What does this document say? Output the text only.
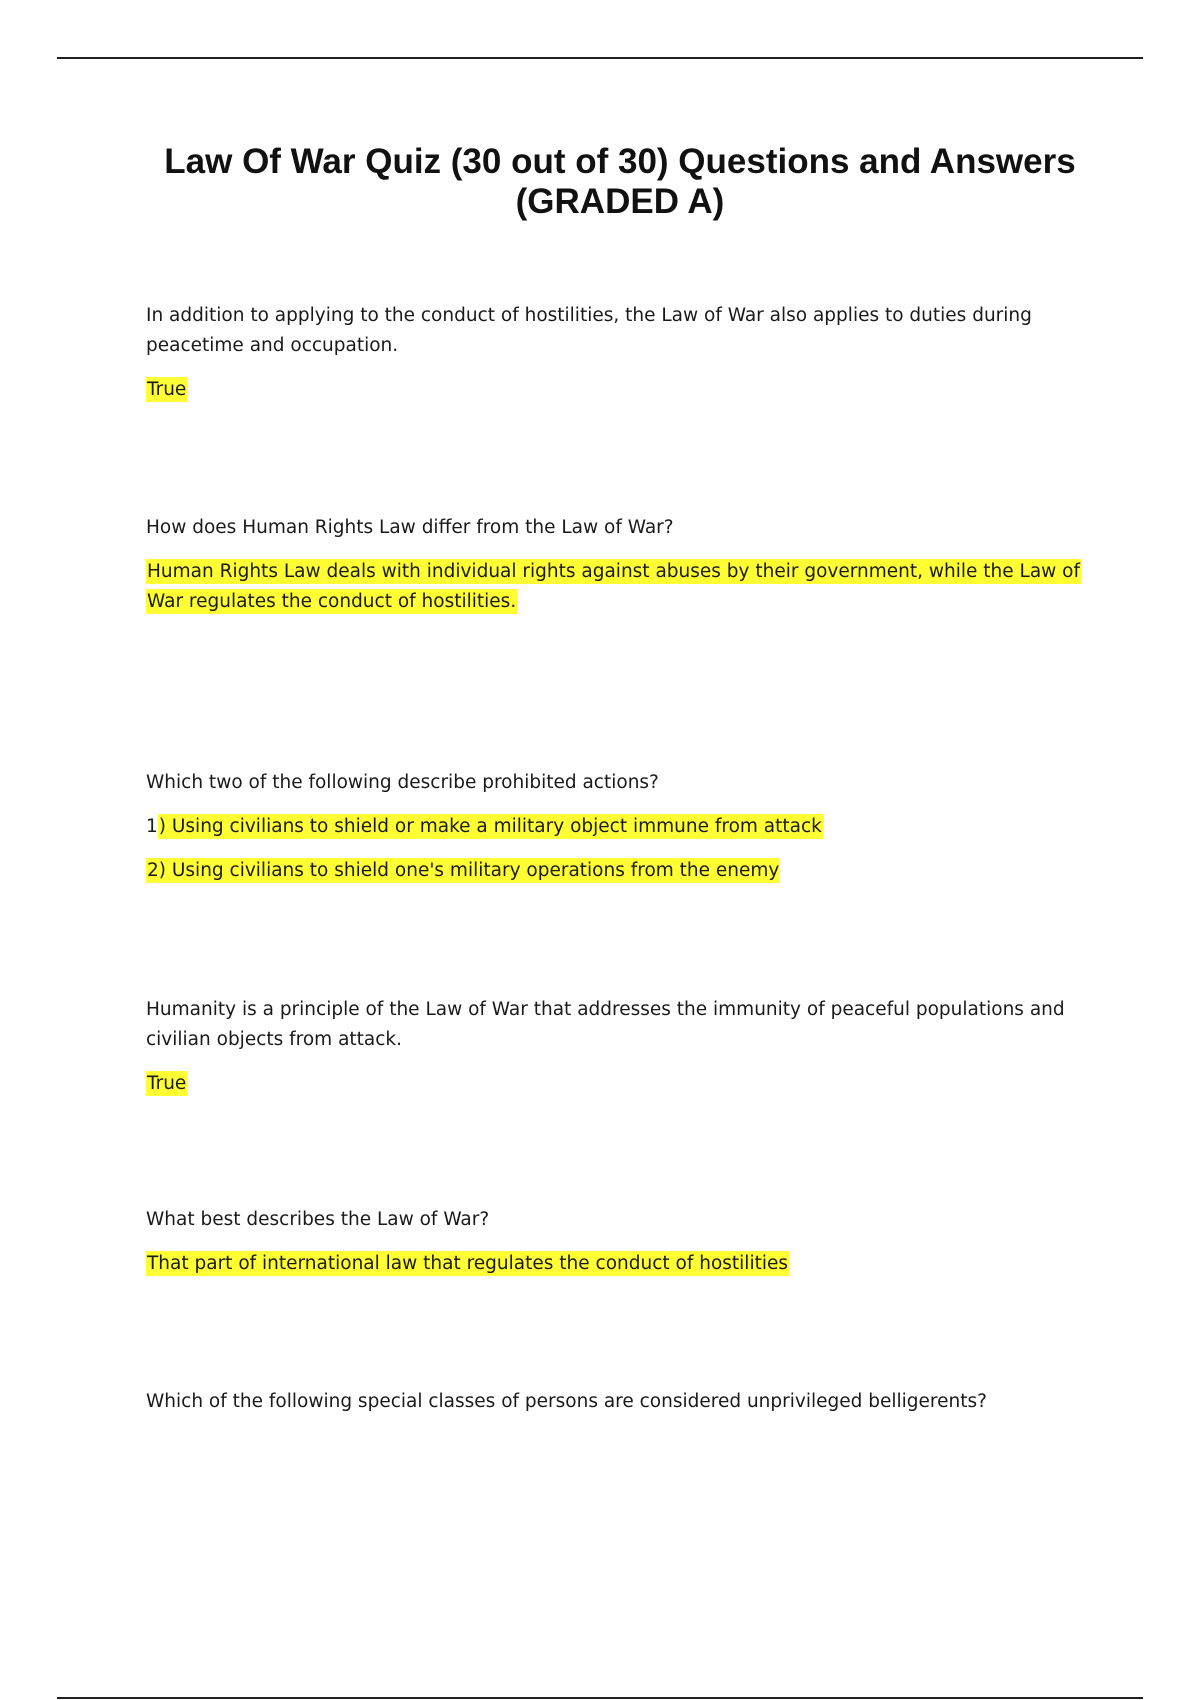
Law Of War Quiz (30 out of 30) Questions and Answers (GRADED A)

In addition to applying to the conduct of hostilities, the Law of War also applies to duties during peacetime and occupation.

True

How does Human Rights Law differ from the Law of War?

Human Rights Law deals with individual rights against abuses by their government, while the Law of War regulates the conduct of hostilities.

Which two of the following describe prohibited actions?

1) Using civilians to shield or make a military object immune from attack

2) Using civilians to shield one's military operations from the enemy

Humanity is a principle of the Law of War that addresses the immunity of peaceful populations and civilian objects from attack.

True

What best describes the Law of War?

That part of international law that regulates the conduct of hostilities

Which of the following special classes of persons are considered unprivileged belligerents?
